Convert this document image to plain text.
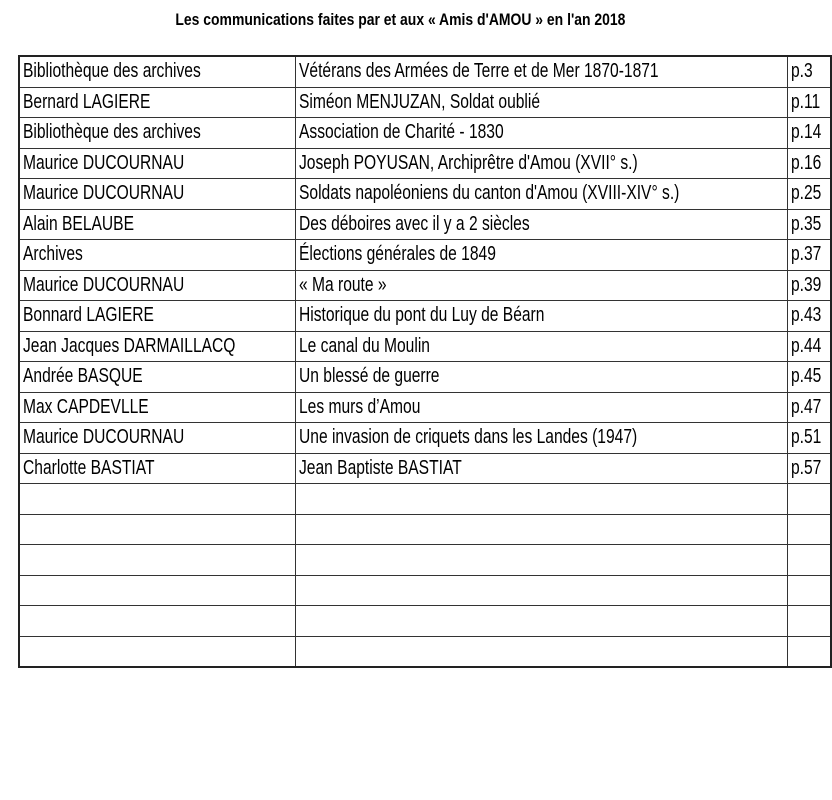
Les communications faites par et aux « Amis d'AMOU » en l'an 2018
Bibliothèque des archives	Vétérans des Armées de Terre et de Mer 1870-1871	p.3
Bernard LAGIERE	Siméon MENJUZAN, Soldat oublié	p.11
Bibliothèque des archives	Association de Charité - 1830	p.14
Maurice DUCOURNAU	Joseph POYUSAN, Archiprêtre d'Amou (XVII° s.)	p.16
Maurice DUCOURNAU	Soldats napoléoniens du canton d'Amou (XVIII-XIV° s.)	p.25
Alain BELAUBE	Des déboires avec il y a 2 siècles	p.35
Archives	Élections générales de 1849	p.37
Maurice DUCOURNAU	« Ma route »	p.39
Bonnard LAGIERE	Historique du pont du Luy de Béarn	p.43
Jean Jacques DARMAILLACQ	Le canal du Moulin	p.44
Andrée BASQUE	Un blessé de guerre	p.45
Max CAPDEVLLE	Les murs d’Amou	p.47
Maurice DUCOURNAU	Une invasion de criquets dans les Landes (1947)	p.51
Charlotte BASTIAT	Jean Baptiste BASTIAT	p.57
